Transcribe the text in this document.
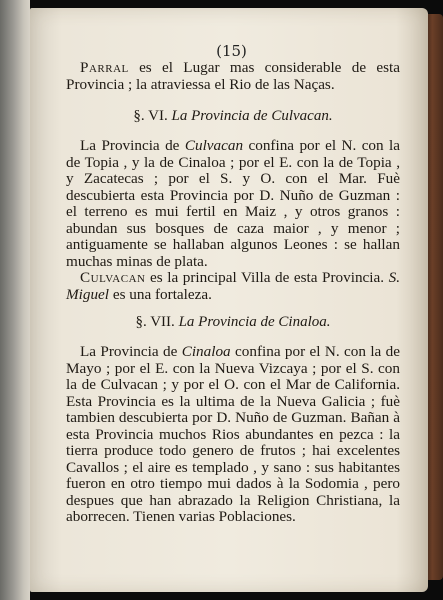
(15)

Parral es el Lugar mas considerable de esta Provincia ; la atraviessa el Rio de las Naças.

§. VI. La Provincia de Culvacan.

La Provincia de Culvacan confina por el N. con la de Topia , y la de Cinaloa ; por el E. con la de Topia , y Zacatecas ; por el S. y O. con el Mar. Fuè descubierta esta Provincia por D. Nuño de Guzman : el terreno es mui fertil en Maiz , y otros granos : abundan sus bosques de caza maior , y menor ; antiguamente se hallaban algunos Leones : se hallan muchas minas de plata.

Culvacan es la principal Villa de esta Provincia. S. Miguel es una fortaleza.

§. VII. La Provincia de Cinaloa.

La Provincia de Cinaloa confina por el N. con la de Mayo ; por el E. con la Nueva Vizcaya ; por el S. con la de Culvacan ; y por el O. con el Mar de California. Esta Provincia es la ultima de la Nueva Galicia ; fuè tambien descubierta por D. Nuño de Guzman. Bañan à esta Provincia muchos Rios abundantes en pezca : la tierra produce todo genero de frutos ; hai excelentes Cavallos ; el aire es templado , y sano : sus habitantes fueron en otro tiempo mui dados à la Sodomia , pero despues que han abrazado la Religion Christiana, la aborrecen. Tienen varias Poblaciones.
